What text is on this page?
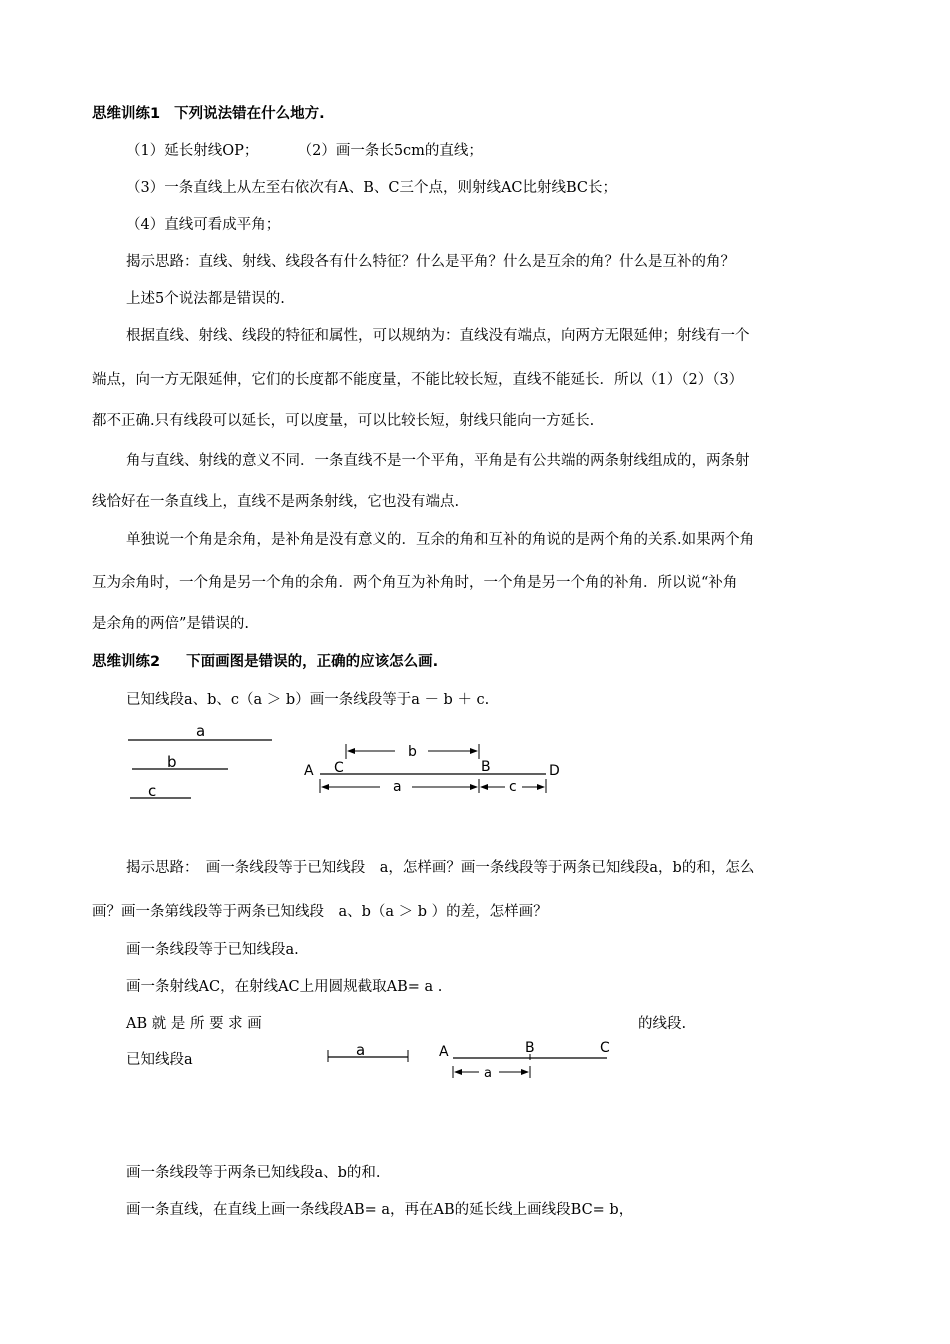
思维训练1 下列说法错在什么地方.
（1）延长射线OP；	（2）画一条长5cm的直线；
（3）一条直线上从左至右依次有A、B、C三个点，则射线AC比射线BC长；
（4）直线可看成平角；
揭示思路：直线、射线、线段各有什么特征？什么是平角？什么是互余的角？什么是互补的角？
上述5个说法都是错误的.
根据直线、射线、线段的特征和属性，可以规纳为：直线没有端点，向两方无限延伸；射线有一个
端点，向一方无限延伸，它们的长度都不能度量，不能比较长短，直线不能延长．所以（1）（2）（3）
都不正确.只有线段可以延长，可以度量，可以比较长短，射线只能向一方延长.
角与直线、射线的意义不同．一条直线不是一个平角，平角是有公共端的两条射线组成的，两条射
线恰好在一条直线上，直线不是两条射线，它也没有端点.
单独说一个角是余角，是补角是没有意义的．互余的角和互补的角说的是两个角的关系.如果两个角
互为余角时，一个角是另一个角的余角．两个角互为补角时，一个角是另一个角的补角．所以说“补角
是余角的两倍”是错误的.
思维训练2 下面画图是错误的，正确的应该怎么画.
已知线段a、b、c（a ＞ b）画一条线段等于a － b ＋ c.
a
b
c
b
A C	B	D
a	c
揭示思路：　画一条线段等于已知线段　a，怎样画？画一条线段等于两条已知线段a，b的和，怎么
画？画一条第线段等于两条已知线段　a、b（a ＞ b ）的差，怎样画？
画一条线段等于已知线段a.
画一条射线AC，在射线AC上用圆规截取AB= a .
AB 就 是 所 要 求 画	的线段.
已知线段a
a	A	B	C
a
画一条线段等于两条已知线段a、b的和.
画一条直线，在直线上画一条线段AB= a，再在AB的延长线上画线段BC= b，
